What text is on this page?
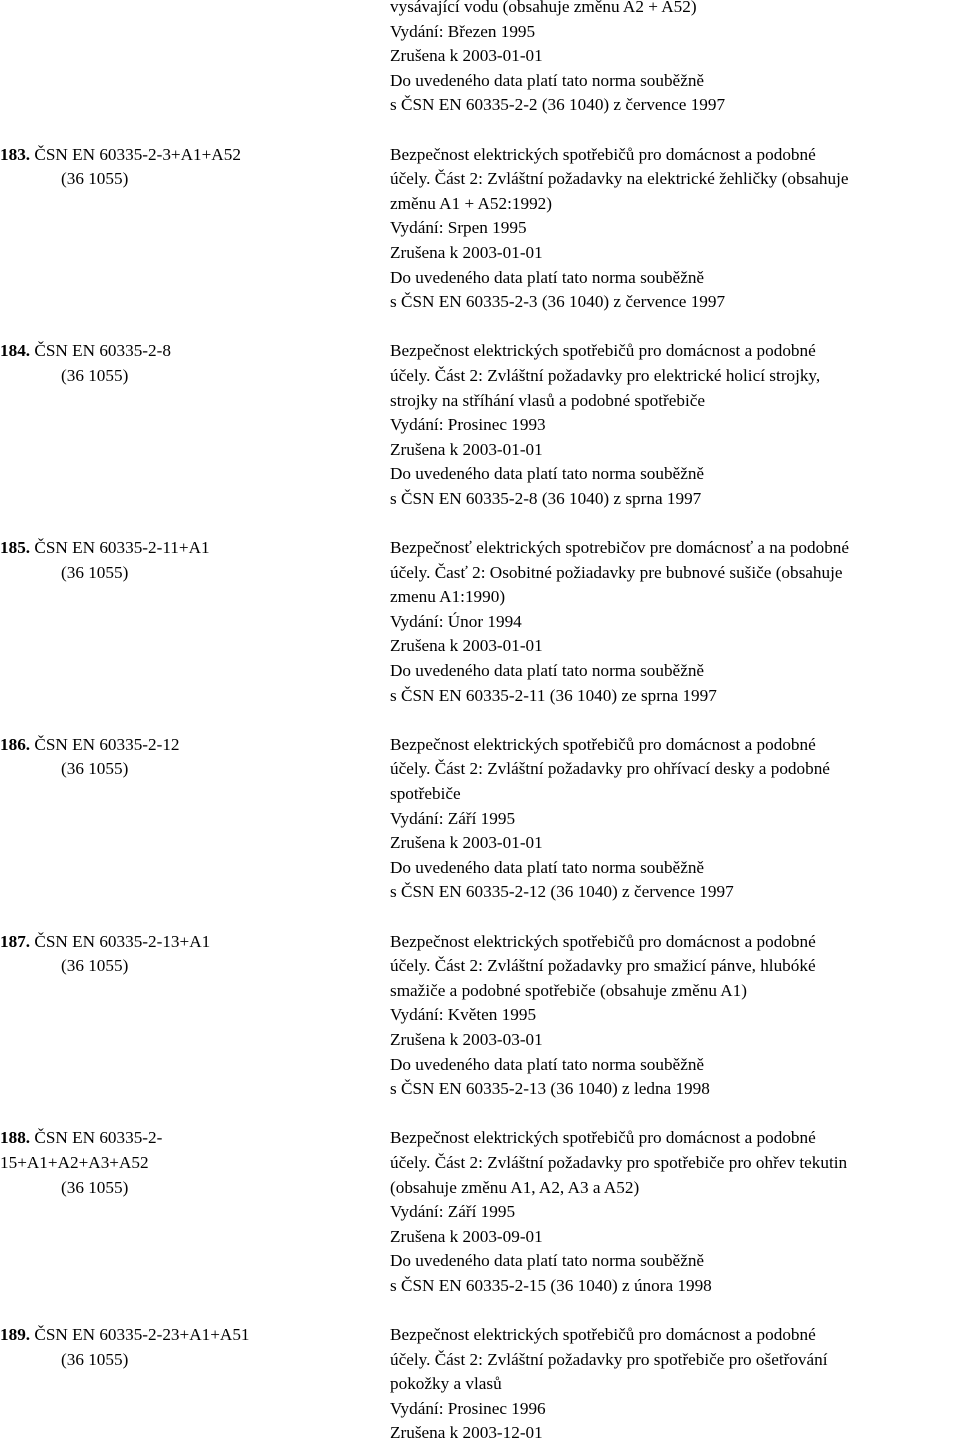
vysávající vodu (obsahuje změnu A2 + A52)
Vydání: Březen 1995
Zrušena k 2003-01-01
Do uvedeného data platí tato norma souběžně
s ČSN EN 60335-2-2 (36 1040) z července 1997
183. ČSN EN 60335-2-3+A1+A52
(36 1055)
Bezpečnost elektrických spotřebičů pro domácnost a podobné
účely. Část 2: Zvláštní požadavky na elektrické žehličky (obsahuje
změnu A1 + A52:1992)
Vydání: Srpen 1995
Zrušena k 2003-01-01
Do uvedeného data platí tato norma souběžně
s ČSN EN 60335-2-3 (36 1040) z července 1997
184. ČSN EN 60335-2-8
(36 1055)
Bezpečnost elektrických spotřebičů pro domácnost a podobné
účely. Část 2: Zvláštní požadavky pro elektrické holicí strojky,
strojky na stříhání vlasů a podobné spotřebiče
Vydání: Prosinec 1993
Zrušena k 2003-01-01
Do uvedeného data platí tato norma souběžně
s ČSN EN 60335-2-8 (36 1040) z sprna 1997
185. ČSN EN 60335-2-11+A1
(36 1055)
Bezpečnosť elektrických spotrebičov pre domácnosť a na podobné
účely. Časť 2: Osobitné požiadavky pre bubnové sušiče (obsahuje
zmenu A1:1990)
Vydání: Únor 1994
Zrušena k 2003-01-01
Do uvedeného data platí tato norma souběžně
s ČSN EN 60335-2-11 (36 1040) ze sprna 1997
186. ČSN EN 60335-2-12
(36 1055)
Bezpečnost elektrických spotřebičů pro domácnost a podobné
účely. Část 2: Zvláštní požadavky pro ohřívací desky a podobné
spotřebiče
Vydání: Září 1995
Zrušena k 2003-01-01
Do uvedeného data platí tato norma souběžně
s ČSN EN 60335-2-12 (36 1040) z července 1997
187. ČSN EN 60335-2-13+A1
(36 1055)
Bezpečnost elektrických spotřebičů pro domácnost a podobné
účely. Část 2: Zvláštní požadavky pro smažicí pánve, hlubóké
smažiče a podobné spotřebiče (obsahuje změnu A1)
Vydání: Květen 1995
Zrušena k 2003-03-01
Do uvedeného data platí tato norma souběžně
s ČSN EN 60335-2-13 (36 1040) z ledna 1998
188. ČSN EN 60335-2-
15+A1+A2+A3+A52
(36 1055)
Bezpečnost elektrických spotřebičů pro domácnost a podobné
účely. Část 2: Zvláštní požadavky pro spotřebiče pro ohřev tekutin
(obsahuje změnu A1, A2, A3 a A52)
Vydání: Září 1995
Zrušena k 2003-09-01
Do uvedeného data platí tato norma souběžně
s ČSN EN 60335-2-15 (36 1040) z února 1998
189. ČSN EN 60335-2-23+A1+A51
(36 1055)
Bezpečnost elektrických spotřebičů pro domácnost a podobné
účely. Část 2: Zvláštní požadavky pro spotřebiče pro ošetřování
pokožky a vlasů
Vydání: Prosinec 1996
Zrušena k 2003-12-01
